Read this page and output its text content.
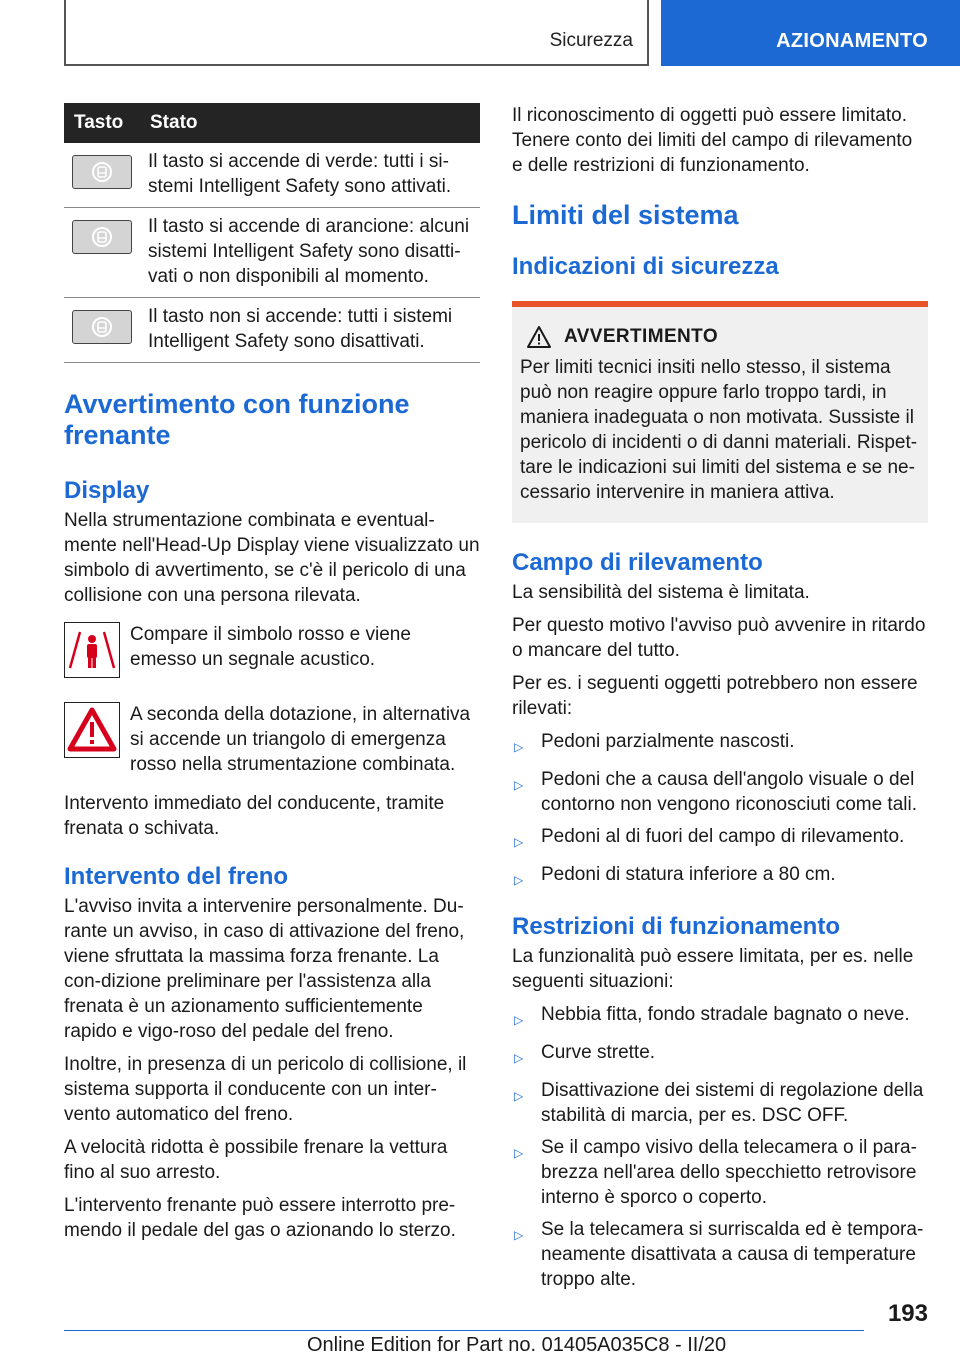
Sicurezza	AZIONAMENTO
Tasto	Stato

	Il tasto si accende di verde: tutti i si-stemi Intelligent Safety sono attivati.

	Il tasto si accende di arancione: alcuni sistemi Intelligent Safety sono disatti-vati o non disponibili al momento.

	Il tasto non si accende: tutti i sistemi Intelligent Safety sono disattivati.
Avvertimento con funzione frenante
Display

Nella strumentazione combinata e eventual-mente nell'Head-Up Display viene visualizzato un simbolo di avvertimento, se c'è il pericolo di una collisione con una persona rilevata.

Compare il simbolo rosso e viene emesso un segnale acustico.

A seconda della dotazione, in alternativa si accende un triangolo di emergenza rosso nella strumentazione combinata.

Intervento immediato del conducente, tramite frenata o schivata.

Intervento del freno

L'avviso invita a intervenire personalmente. Du-rante un avviso, in caso di attivazione del freno, viene sfruttata la massima forza frenante. La con-dizione preliminare per l'assistenza alla frenata è un azionamento sufficientemente rapido e vigo-roso del pedale del freno.

Inoltre, in presenza di un pericolo di collisione, il sistema supporta il conducente con un inter-vento automatico del freno.

A velocità ridotta è possibile frenare la vettura fino al suo arresto.

L'intervento frenante può essere interrotto pre-mendo il pedale del gas o azionando lo sterzo.

Il riconoscimento di oggetti può essere limitato. Tenere conto dei limiti del campo di rilevamento e delle restrizioni di funzionamento.

Limiti del sistema
Indicazioni di sicurezza
AVVERTIMENTO

Per limiti tecnici insiti nello stesso, il sistema può non reagire oppure farlo troppo tardi, in maniera inadeguata o non motivata. Sussiste il pericolo di incidenti o di danni materiali. Rispet-tare le indicazioni sui limiti del sistema e se ne-cessario intervenire in maniera attiva.

Campo di rilevamento

La sensibilità del sistema è limitata.

Per questo motivo l'avviso può avvenire in ritardo o mancare del tutto.

Per es. i seguenti oggetti potrebbero non essere rilevati:

▷ Pedoni parzialmente nascosti.
▷ Pedoni che a causa dell'angolo visuale o del contorno non vengono riconosciuti come tali.
▷ Pedoni al di fuori del campo di rilevamento.
▷ Pedoni di statura inferiore a 80 cm.
Restrizioni di funzionamento

La funzionalità può essere limitata, per es. nelle seguenti situazioni:

▷ Nebbia fitta, fondo stradale bagnato o neve.
▷ Curve strette.
▷ Disattivazione dei sistemi di regolazione della stabilità di marcia, per es. DSC OFF.
▷ Se il campo visivo della telecamera o il para-brezza nell'area dello specchietto retrovisore interno è sporco o coperto.
▷ Se la telecamera si surriscalda ed è tempora-neamente disattivata a causa di temperature troppo alte.
193
Online Edition for Part no. 01405A035C8 - II/20
